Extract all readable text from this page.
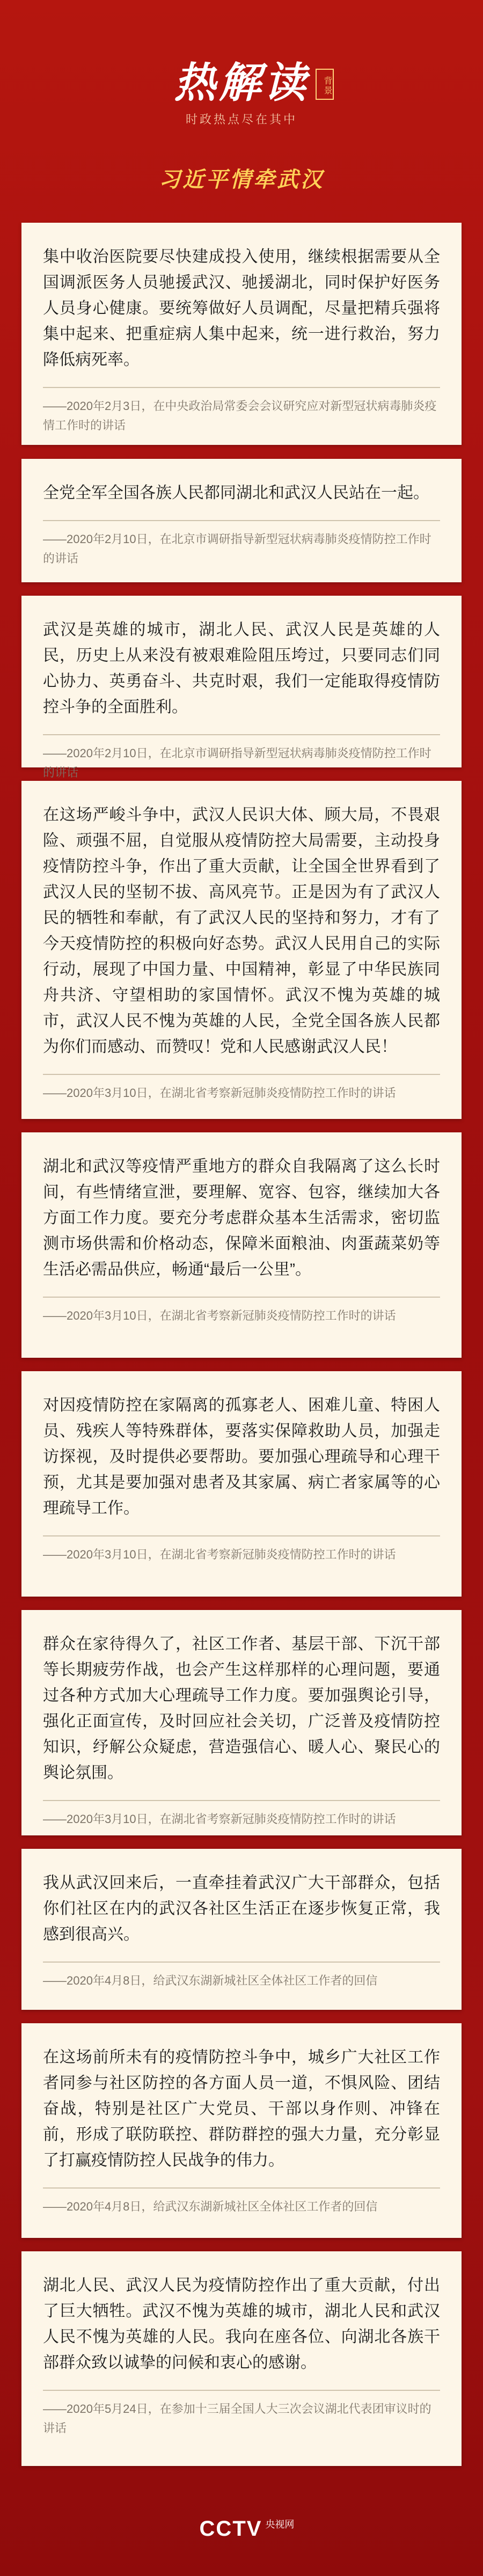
热解读	背景
时政热点尽在其中
习近平情牵武汉
集中收治医院要尽快建成投入使用，继续根据需要从全国调派医务人员驰援武汉、驰援湖北，同时保护好医务人员身心健康。要统筹做好人员调配，尽量把精兵强将集中起来、把重症病人集中起来，统一进行救治，努力降低病死率。
——2020年2月3日，在中央政治局常委会会议研究应对新型冠状病毒肺炎疫情工作时的讲话
全党全军全国各族人民都同湖北和武汉人民站在一起。
——2020年2月10日，在北京市调研指导新型冠状病毒肺炎疫情防控工作时的讲话
武汉是英雄的城市，湖北人民、武汉人民是英雄的人民，历史上从来没有被艰难险阻压垮过，只要同志们同心协力、英勇奋斗、共克时艰，我们一定能取得疫情防控斗争的全面胜利。
——2020年2月10日，在北京市调研指导新型冠状病毒肺炎疫情防控工作时的讲话
在这场严峻斗争中，武汉人民识大体、顾大局，不畏艰险、顽强不屈，自觉服从疫情防控大局需要，主动投身疫情防控斗争，作出了重大贡献，让全国全世界看到了武汉人民的坚韧不拔、高风亮节。正是因为有了武汉人民的牺牲和奉献，有了武汉人民的坚持和努力，才有了今天疫情防控的积极向好态势。武汉人民用自己的实际行动，展现了中国力量、中国精神，彰显了中华民族同舟共济、守望相助的家国情怀。武汉不愧为英雄的城市，武汉人民不愧为英雄的人民，全党全国各族人民都为你们而感动、而赞叹！党和人民感谢武汉人民！
——2020年3月10日，在湖北省考察新冠肺炎疫情防控工作时的讲话
湖北和武汉等疫情严重地方的群众自我隔离了这么长时间，有些情绪宣泄，要理解、宽容、包容，继续加大各方面工作力度。要充分考虑群众基本生活需求，密切监测市场供需和价格动态，保障米面粮油、肉蛋蔬菜奶等生活必需品供应，畅通“最后一公里”。
——2020年3月10日，在湖北省考察新冠肺炎疫情防控工作时的讲话
对因疫情防控在家隔离的孤寡老人、困难儿童、特困人员、残疾人等特殊群体，要落实保障救助人员，加强走访探视，及时提供必要帮助。要加强心理疏导和心理干预，尤其是要加强对患者及其家属、病亡者家属等的心理疏导工作。
——2020年3月10日，在湖北省考察新冠肺炎疫情防控工作时的讲话
群众在家待得久了，社区工作者、基层干部、下沉干部等长期疲劳作战，也会产生这样那样的心理问题，要通过各种方式加大心理疏导工作力度。要加强舆论引导，强化正面宣传，及时回应社会关切，广泛普及疫情防控知识，纾解公众疑虑，营造强信心、暖人心、聚民心的舆论氛围。
——2020年3月10日，在湖北省考察新冠肺炎疫情防控工作时的讲话
我从武汉回来后，一直牵挂着武汉广大干部群众，包括你们社区在内的武汉各社区生活正在逐步恢复正常，我感到很高兴。
——2020年4月8日，给武汉东湖新城社区全体社区工作者的回信
在这场前所未有的疫情防控斗争中，城乡广大社区工作者同参与社区防控的各方面人员一道，不惧风险、团结奋战，特别是社区广大党员、干部以身作则、冲锋在前，形成了联防联控、群防群控的强大力量，充分彰显了打赢疫情防控人民战争的伟力。
——2020年4月8日，给武汉东湖新城社区全体社区工作者的回信
湖北人民、武汉人民为疫情防控作出了重大贡献，付出了巨大牺牲。武汉不愧为英雄的城市，湖北人民和武汉人民不愧为英雄的人民。我向在座各位、向湖北各族干部群众致以诚挚的问候和衷心的感谢。
——2020年5月24日，在参加十三届全国人大三次会议湖北代表团审议时的讲话
CCTV 央视网
